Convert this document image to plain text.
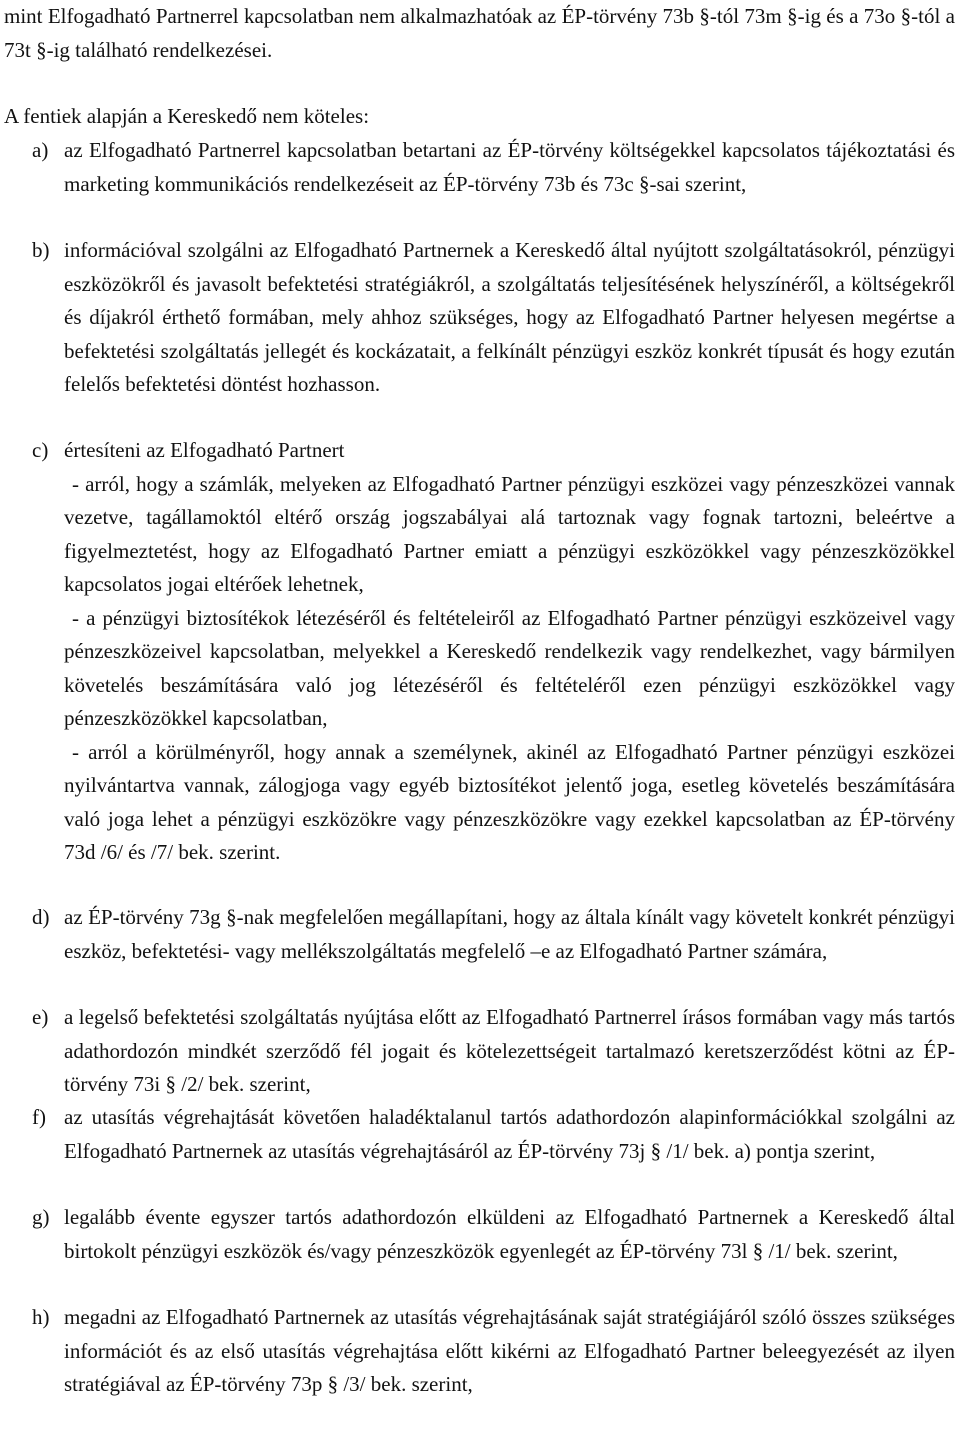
mint Elfogadható Partnerrel kapcsolatban nem alkalmazhatóak az ÉP-törvény 73b §-tól 73m §-ig és a 73o §-tól a 73t §-ig található rendelkezései.

A fentiek alapján a Kereskedő nem köteles:

a) az Elfogadható Partnerrel kapcsolatban betartani az ÉP-törvény költségekkel kapcsolatos tájékoztatási és marketing kommunikációs rendelkezéseit az ÉP-törvény 73b és 73c §-sai szerint,

b) információval szolgálni az Elfogadható Partnernek a Kereskedő által nyújtott szolgáltatásokról, pénzügyi eszközökről és javasolt befektetési stratégiákról, a szolgáltatás teljesítésének helyszínéről, a költségekről és díjakról érthető formában, mely ahhoz szükséges, hogy az Elfogadható Partner helyesen megértse a befektetési szolgáltatás jellegét és kockázatait, a felkínált pénzügyi eszköz konkrét típusát és hogy ezután felelős befektetési döntést hozhasson.

c) értesíteni az Elfogadható Partnert

- arról, hogy a számlák, melyeken az Elfogadható Partner pénzügyi eszközei vagy pénzeszközei vannak vezetve, tagállamoktól eltérő ország jogszabályai alá tartoznak vagy fognak tartozni, beleértve a figyelmeztetést, hogy az Elfogadható Partner emiatt a pénzügyi eszközökkel vagy pénzeszközökkel kapcsolatos jogai eltérőek lehetnek,

- a pénzügyi biztosítékok létezéséről és feltételeiről az Elfogadható Partner pénzügyi eszközeivel vagy pénzeszközeivel kapcsolatban, melyekkel a Kereskedő rendelkezik vagy rendelkezhet, vagy bármilyen követelés beszámítására való jog létezéséről és feltételéről ezen pénzügyi eszközökkel vagy pénzeszközökkel kapcsolatban,

- arról a körülményről, hogy annak a személynek, akinél az Elfogadható Partner pénzügyi eszközei nyilvántartva vannak, zálogjoga vagy egyéb biztosítékot jelentő joga, esetleg követelés beszámítására való joga lehet a pénzügyi eszközökre vagy pénzeszközökre vagy ezekkel kapcsolatban az ÉP-törvény 73d /6/ és /7/ bek. szerint.

d) az ÉP-törvény 73g §-nak megfelelően megállapítani, hogy az általa kínált vagy követelt konkrét pénzügyi eszköz, befektetési- vagy mellékszolgáltatás megfelelő –e az Elfogadható Partner számára,

e) a legelső befektetési szolgáltatás nyújtása előtt az Elfogadható Partnerrel írásos formában vagy más tartós adathordozón mindkét szerződő fél jogait és kötelezettségeit tartalmazó keretszerződést kötni az ÉP-törvény 73i § /2/ bek. szerint,

f) az utasítás végrehajtását követően haladéktalanul tartós adathordozón alapinformációkkal szolgálni az Elfogadható Partnernek az utasítás végrehajtásáról az ÉP-törvény 73j § /1/ bek. a) pontja szerint,

g) legalább évente egyszer tartós adathordozón elküldeni az Elfogadható Partnernek a Kereskedő által birtokolt pénzügyi eszközök és/vagy pénzeszközök egyenlegét az ÉP-törvény 73l § /1/ bek. szerint,

h) megadni az Elfogadható Partnernek az utasítás végrehajtásának saját stratégiájáról szóló összes szükséges információt és az első utasítás végrehajtása előtt kikérni az Elfogadható Partner beleegyezését az ilyen stratégiával az ÉP-törvény 73p § /3/ bek. szerint,
